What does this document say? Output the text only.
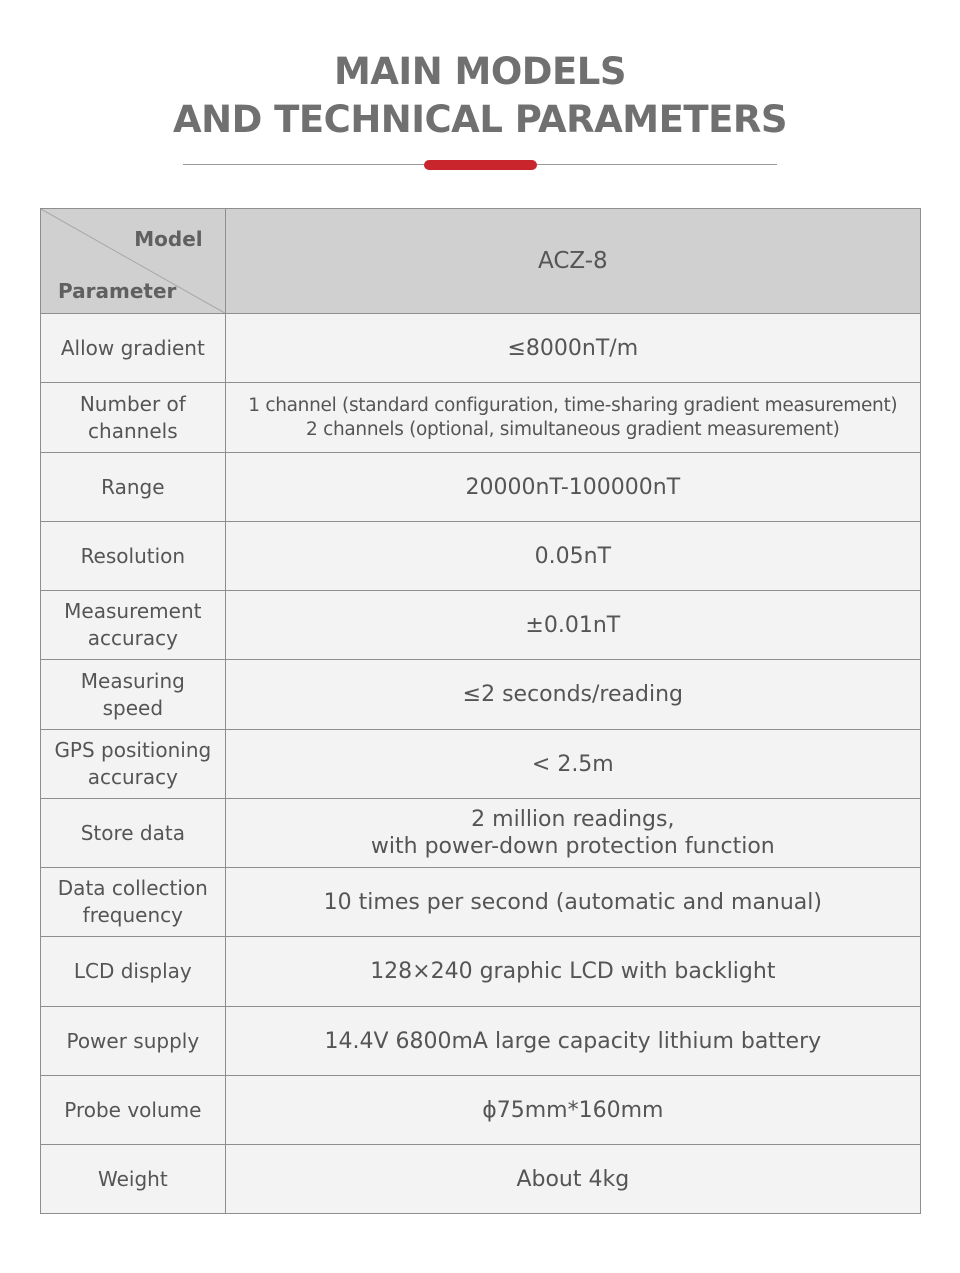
MAIN MODELS
AND TECHNICAL PARAMETERS
Model
Parameter	ACZ-8

Allow gradient	≤8000nT/m

Number of
channels	1 channel (standard configuration, time-sharing gradient measurement)
2 channels (optional, simultaneous gradient measurement)

Range	20000nT-100000nT

Resolution	0.05nT

Measurement
accuracy	±0.01nT

Measuring
speed	≤2 seconds/reading

GPS positioning
accuracy	< 2.5m

Store data	2 million readings,
with power-down protection function

Data collection
frequency	10 times per second (automatic and manual)

LCD display	128×240 graphic LCD with backlight

Power supply	14.4V 6800mA large capacity lithium battery

Probe volume	ϕ75mm*160mm

Weight	About 4kg
